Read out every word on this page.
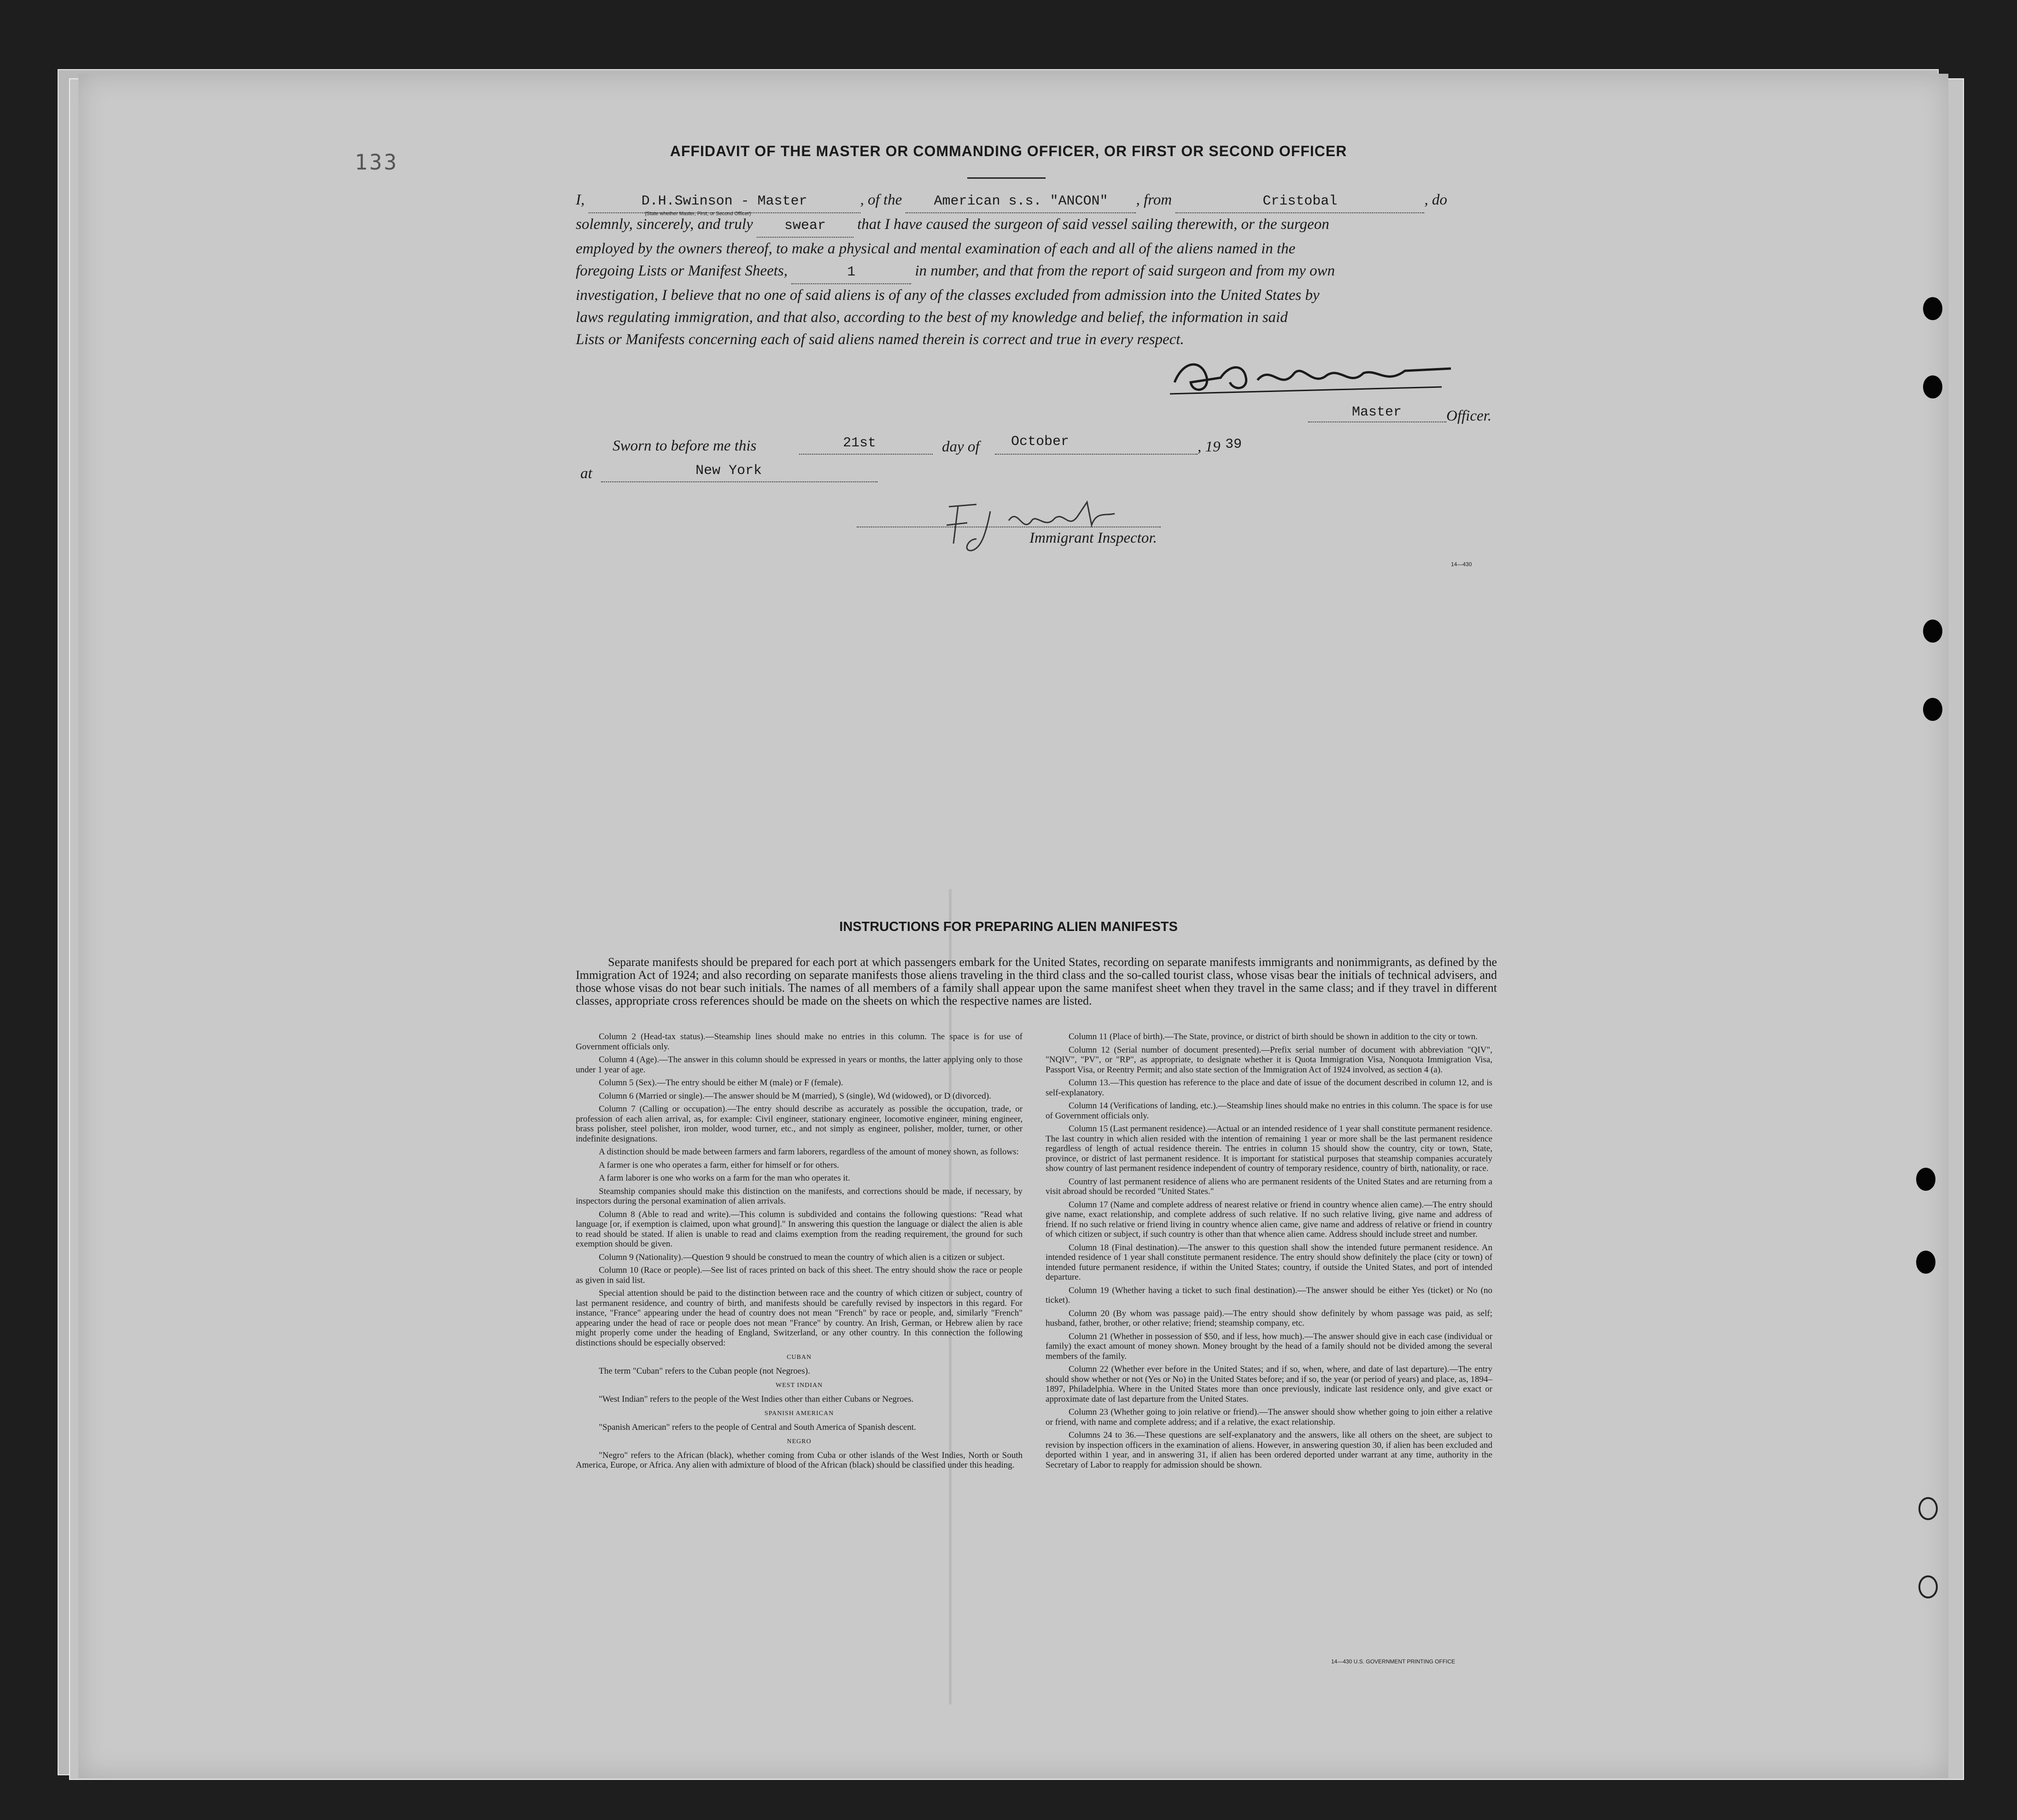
133	AFFIDAVIT OF THE MASTER OR COMMANDING OFFICER, OR FIRST OR SECOND OFFICER
I,	D.H.Swinson - Master	, of the American s.s. "ANCON" , from	Cristobal	, do
solemnly, sincerely, and truly swear that I have caused the surgeon of said vessel sailing therewith, or the surgeon
employed by the owners thereof, to make a physical and mental examination of each and all of the aliens named in the
foregoing Lists or Manifest Sheets,	1	in number, and that from the report of said surgeon and from my own
investigation, I believe that no one of said aliens is of any of the classes excluded from admission into the United States by
laws regulating immigration, and that also, according to the best of my knowledge and belief, the information in said
Lists or Manifests concerning each of said aliens named therein is correct and true in every respect.
(State whether Master, First, or Second Officer)
Master	Officer.
Sworn to before me this	21st	day of October	, 19 39
at	New York
Immigrant Inspector.
14—430
INSTRUCTIONS FOR PREPARING ALIEN MANIFESTS
Separate manifests should be prepared for each port at which passengers embark for the United States, recording on separate manifests immigrants and nonimmigrants, as defined by the Immigration Act of 1924; and also recording on separate manifests those aliens traveling in the third class and the so-called tourist class, whose visas bear the initials of technical advisers, and those whose visas do not bear such initials. The names of all members of a family shall appear upon the same manifest sheet when they travel in the same class; and if they travel in different classes, appropriate cross references should be made on the sheets on which the respective names are listed.

Column 2 (Head-tax status).—Steamship lines should make no entries in this column. The space is for use of Government officials only.

Column 4 (Age).—The answer in this column should be expressed in years or months, the latter applying only to those under 1 year of age.

Column 5 (Sex).—The entry should be either M (male) or F (female).

Column 6 (Married or single).—The answer should be M (married), S (single), Wd (widowed), or D (divorced).

Column 7 (Calling or occupation).—The entry should describe as accurately as possible the occupation, trade, or profession of each alien arrival, as, for example: Civil engineer, stationary engineer, locomotive engineer, mining engineer, brass polisher, steel polisher, iron molder, wood turner, etc., and not simply as engineer, polisher, molder, turner, or other indefinite designations.

A distinction should be made between farmers and farm laborers, regardless of the amount of money shown, as follows:

A farmer is one who operates a farm, either for himself or for others.

A farm laborer is one who works on a farm for the man who operates it.

Steamship companies should make this distinction on the manifests, and corrections should be made, if necessary, by inspectors during the personal examination of alien arrivals.

Column 8 (Able to read and write).—This column is subdivided and contains the following questions: "Read what language [or, if exemption is claimed, upon what ground]." In answering this question the language or dialect the alien is able to read should be stated. If alien is unable to read and claims exemption from the reading requirement, the ground for such exemption should be given.

Column 9 (Nationality).—Question 9 should be construed to mean the country of which alien is a citizen or subject.

Column 10 (Race or people).—See list of races printed on back of this sheet. The entry should show the race or people as given in said list.

Special attention should be paid to the distinction between race and the country of which citizen or subject, country of last permanent residence, and country of birth, and manifests should be carefully revised by inspectors in this regard. For instance, "France" appearing under the head of country does not mean "French" by race or people, and, similarly "French" appearing under the head of race or people does not mean "France" by country. An Irish, German, or Hebrew alien by race might properly come under the heading of England, Switzerland, or any other country. In this connection the following distinctions should be especially observed:

CUBAN

The term "Cuban" refers to the Cuban people (not Negroes).

WEST INDIAN

"West Indian" refers to the people of the West Indies other than either Cubans or Negroes.

SPANISH AMERICAN

"Spanish American" refers to the people of Central and South America of Spanish descent.

NEGRO

"Negro" refers to the African (black), whether coming from Cuba or other islands of the West Indies, North or South America, Europe, or Africa. Any alien with admixture of blood of the African (black) should be classified under this heading.

Column 11 (Place of birth).—The State, province, or district of birth should be shown in addition to the city or town.

Column 12 (Serial number of document presented).—Prefix serial number of document with abbreviation "QIV", "NQIV", "PV", or "RP", as appropriate, to designate whether it is Quota Immigration Visa, Nonquota Immigration Visa, Passport Visa, or Reentry Permit; and also state section of the Immigration Act of 1924 involved, as section 4 (a).

Column 13.—This question has reference to the place and date of issue of the document described in column 12, and is self-explanatory.

Column 14 (Verifications of landing, etc.).—Steamship lines should make no entries in this column. The space is for use of Government officials only.

Column 15 (Last permanent residence).—Actual or an intended residence of 1 year shall constitute permanent residence. The last country in which alien resided with the intention of remaining 1 year or more shall be the last permanent residence regardless of length of actual residence therein. The entries in column 15 should show the country, city or town, State, province, or district of last permanent residence. It is important for statistical purposes that steamship companies accurately show country of last permanent residence independent of country of temporary residence, country of birth, nationality, or race.

Country of last permanent residence of aliens who are permanent residents of the United States and are returning from a visit abroad should be recorded "United States."

Column 17 (Name and complete address of nearest relative or friend in country whence alien came).—The entry should give name, exact relationship, and complete address of such relative. If no such relative living, give name and address of friend. If no such relative or friend living in country whence alien came, give name and address of relative or friend in country of which citizen or subject, if such country is other than that whence alien came. Address should include street and number.

Column 18 (Final destination).—The answer to this question shall show the intended future permanent residence. An intended residence of 1 year shall constitute permanent residence. The entry should show definitely the place (city or town) of intended future permanent residence, if within the United States; country, if outside the United States, and port of intended departure.

Column 19 (Whether having a ticket to such final destination).—The answer should be either Yes (ticket) or No (no ticket).

Column 20 (By whom was passage paid).—The entry should show definitely by whom passage was paid, as self; husband, father, brother, or other relative; friend; steamship company, etc.

Column 21 (Whether in possession of $50, and if less, how much).—The answer should give in each case (individual or family) the exact amount of money shown. Money brought by the head of a family should not be divided among the several members of the family.

Column 22 (Whether ever before in the United States; and if so, when, where, and date of last departure).—The entry should show whether or not (Yes or No) in the United States before; and if so, the year (or period of years) and place, as, 1894–1897, Philadelphia. Where in the United States more than once previously, indicate last residence only, and give exact or approximate date of last departure from the United States.

Column 23 (Whether going to join relative or friend).—The answer should show whether going to join either a relative or friend, with name and complete address; and if a relative, the exact relationship.

Columns 24 to 36.—These questions are self-explanatory and the answers, like all others on the sheet, are subject to revision by inspection officers in the examination of aliens. However, in answering question 30, if alien has been excluded and deported within 1 year, and in answering 31, if alien has been ordered deported under warrant at any time, authority in the Secretary of Labor to reapply for admission should be shown.

14—430 U.S. GOVERNMENT PRINTING OFFICE
